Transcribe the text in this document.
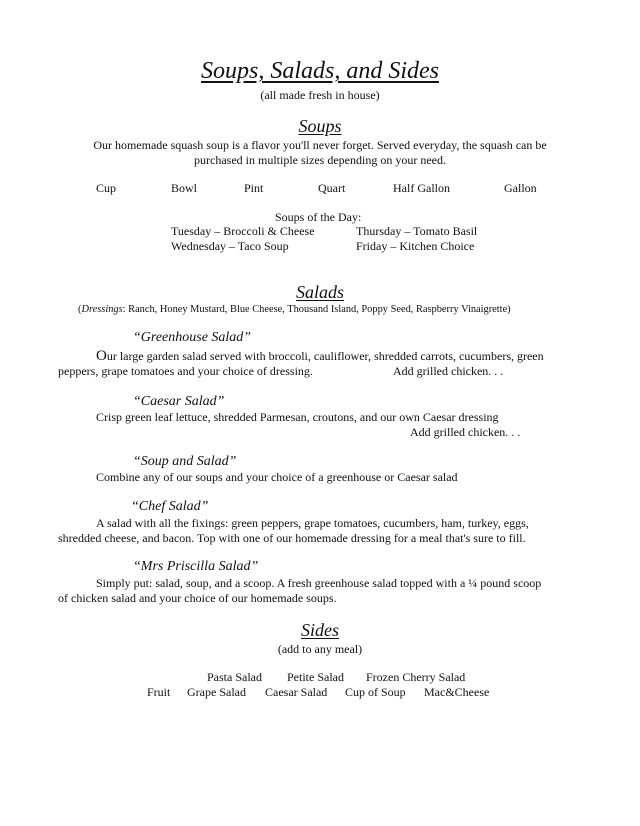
Soups, Salads, and Sides
(all made fresh in house)
Soups
Our homemade squash soup is a flavor you'll never forget. Served everyday, the squash can be
purchased in multiple sizes depending on your need.
Cup	Bowl	Pint	Quart	Half Gallon	Gallon
Soups of the Day:
Tuesday – Broccoli & Cheese	Thursday – Tomato Basil
Wednesday – Taco Soup	Friday – Kitchen Choice
Salads
(Dressings: Ranch, Honey Mustard, Blue Cheese, Thousand Island, Poppy Seed, Raspberry Vinaigrette)
“Greenhouse Salad”
Our large garden salad served with broccoli, cauliflower, shredded carrots, cucumbers, green
peppers, grape tomatoes and your choice of dressing.	Add grilled chicken. . .
“Caesar Salad”
Crisp green leaf lettuce, shredded Parmesan, croutons, and our own Caesar dressing
Add grilled chicken. . .
“Soup and Salad”
Combine any of our soups and your choice of a greenhouse or Caesar salad
“Chef Salad”
A salad with all the fixings: green peppers, grape tomatoes, cucumbers, ham, turkey, eggs,
shredded cheese, and bacon. Top with one of our homemade dressing for a meal that's sure to fill.
“Mrs Priscilla Salad”
Simply put: salad, soup, and a scoop. A fresh greenhouse salad topped with a ¼ pound scoop
of chicken salad and your choice of our homemade soups.
Sides
(add to any meal)
Pasta Salad Petite Salad Frozen Cherry Salad
Fruit Grape Salad Caesar Salad Cup of Soup Mac&Cheese
